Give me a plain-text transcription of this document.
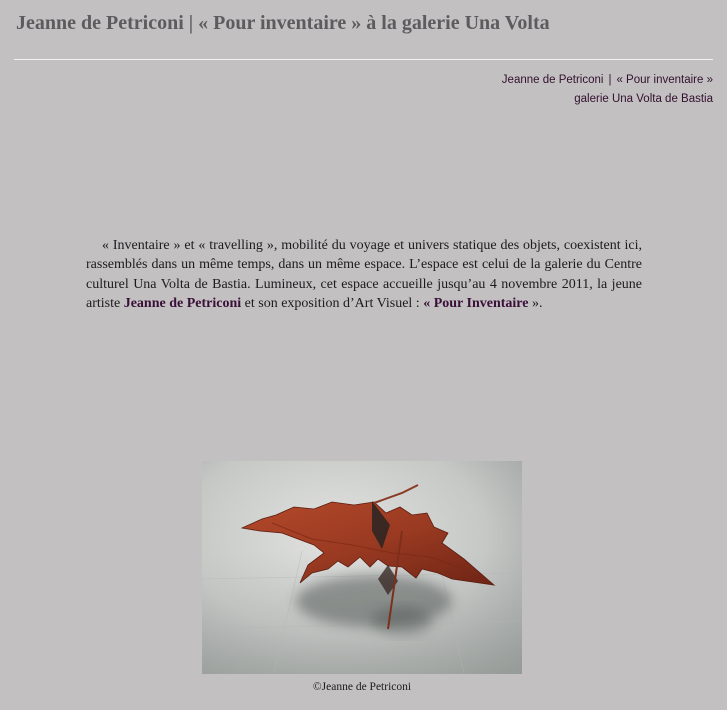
Jeanne de Petriconi | « Pour inventaire » à la galerie Una Volta
Jeanne de Petriconi | « Pour inventaire »
galerie Una Volta de Bastia

« Inventaire » et « travelling », mobilité du voyage et univers statique des objets, coexistent ici, rassemblés dans un même temps, dans un même espace. L’espace est celui de la galerie du Centre culturel Una Volta de Bastia. Lumineux, cet espace accueille jusqu’au 4 novembre 2011, la jeune artiste Jeanne de Petriconi et son exposition d’Art Visuel : « Pour Inventaire ».

©Jeanne de Petriconi
